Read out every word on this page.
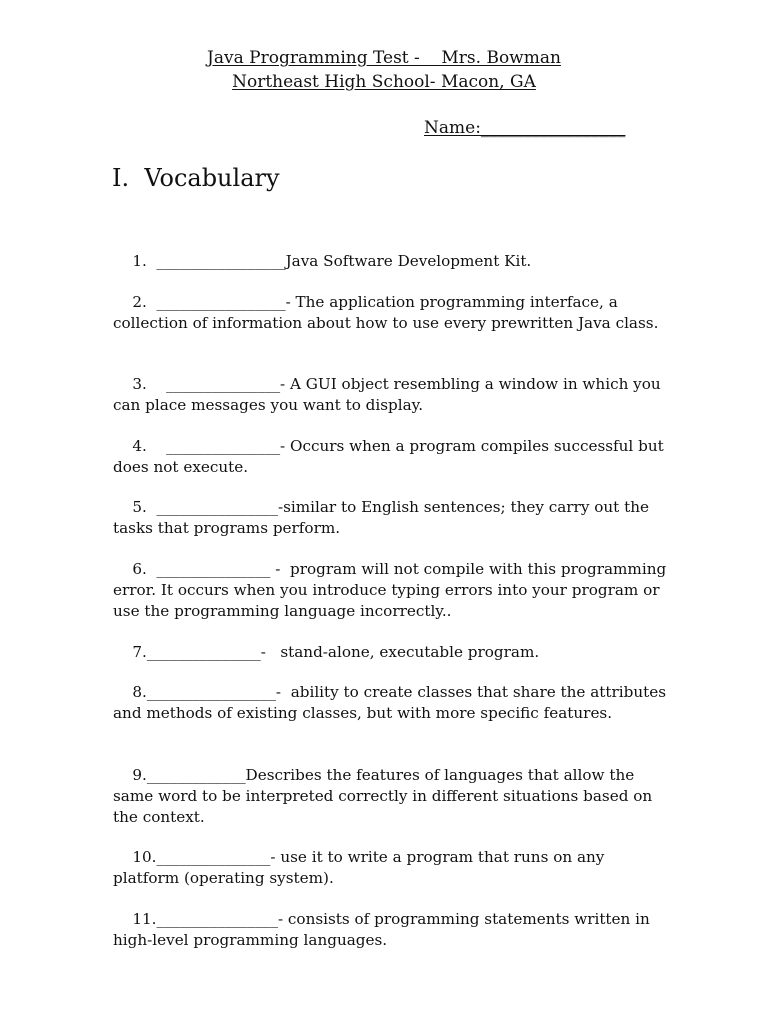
Java Programming Test -    Mrs. Bowman
Northeast High School- Macon, GA
Name:_________________
I.  Vocabulary

1.  _________________Java Software Development Kit.

2.  _________________- The application programming interface, a collection of information about how to use every prewritten Java class.

3.    _______________- A GUI object resembling a window in which you can place messages you want to display.

4.    _______________- Occurs when a program compiles successful but does not execute.

5.  ________________-similar to English sentences; they carry out the tasks that programs perform.

6.  _______________ -  program will not compile with this programming error. It occurs when you introduce typing errors into your program or use the programming language incorrectly..

7._______________-   stand-alone, executable program.

8._________________-  ability to create classes that share the attributes and methods of existing classes, but with more specific features.

9._____________Describes the features of languages that allow the same word to be interpreted correctly in different situations based on the context.

10._______________- use it to write a program that runs on any platform (operating system).

11.________________- consists of programming statements written in high-level programming languages.
